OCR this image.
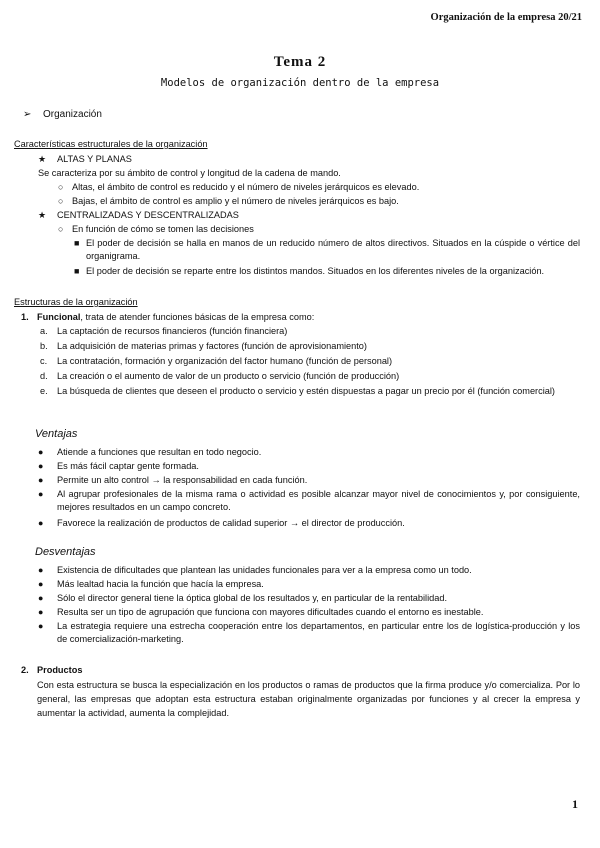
Organización de la empresa 20/21
Tema 2
Modelos de organización dentro de la empresa
➢ Organización
Características estructurales de la organización
★ ALTAS Y PLANAS
Se caracteriza por su ámbito de control y longitud de la cadena de mando.
○ Altas, el ámbito de control es reducido y el número de niveles jerárquicos es elevado.
○ Bajas, el ámbito de control es amplio y el número de niveles jerárquicos es bajo.
★ CENTRALIZADAS Y DESCENTRALIZADAS
○ En función de cómo se tomen las decisiones
■ El poder de decisión se halla en manos de un reducido número de altos directivos. Situados en la cúspide o vértice del organigrama.
■ El poder de decisión se reparte entre los distintos mandos. Situados en los diferentes niveles de la organización.
Estructuras de la organización
1. Funcional, trata de atender funciones básicas de la empresa como:
a. La captación de recursos financieros (función financiera)
b. La adquisición de materias primas y factores (función de aprovisionamiento)
c. La contratación, formación y organización del factor humano (función de personal)
d. La creación o el aumento de valor de un producto o servicio (función de producción)
e. La búsqueda de clientes que deseen el producto o servicio y estén dispuestas a pagar un precio por él (función comercial)
Ventajas
● Atiende a funciones que resultan en todo negocio.
● Es más fácil captar gente formada.
● Permite un alto control → la responsabilidad en cada función.
● Al agrupar profesionales de la misma rama o actividad es posible alcanzar mayor nivel de conocimientos y, por consiguiente, mejores resultados en un campo concreto.
● Favorece la realización de productos de calidad superior → el director de producción.
Desventajas
● Existencia de dificultades que plantean las unidades funcionales para ver a la empresa como un todo.
● Más lealtad hacia la función que hacía la empresa.
● Sólo el director general tiene la óptica global de los resultados y, en particular de la rentabilidad.
● Resulta ser un tipo de agrupación que funciona con mayores dificultades cuando el entorno es inestable.
● La estrategia requiere una estrecha cooperación entre los departamentos, en particular entre los de logística-producción y los de comercialización-marketing.
2. Productos
Con esta estructura se busca la especialización en los productos o ramas de productos que la firma produce y/o comercializa. Por lo general, las empresas que adoptan esta estructura estaban originalmente organizadas por funciones y al crecer la empresa y aumentar la actividad, aumenta la complejidad.
1
